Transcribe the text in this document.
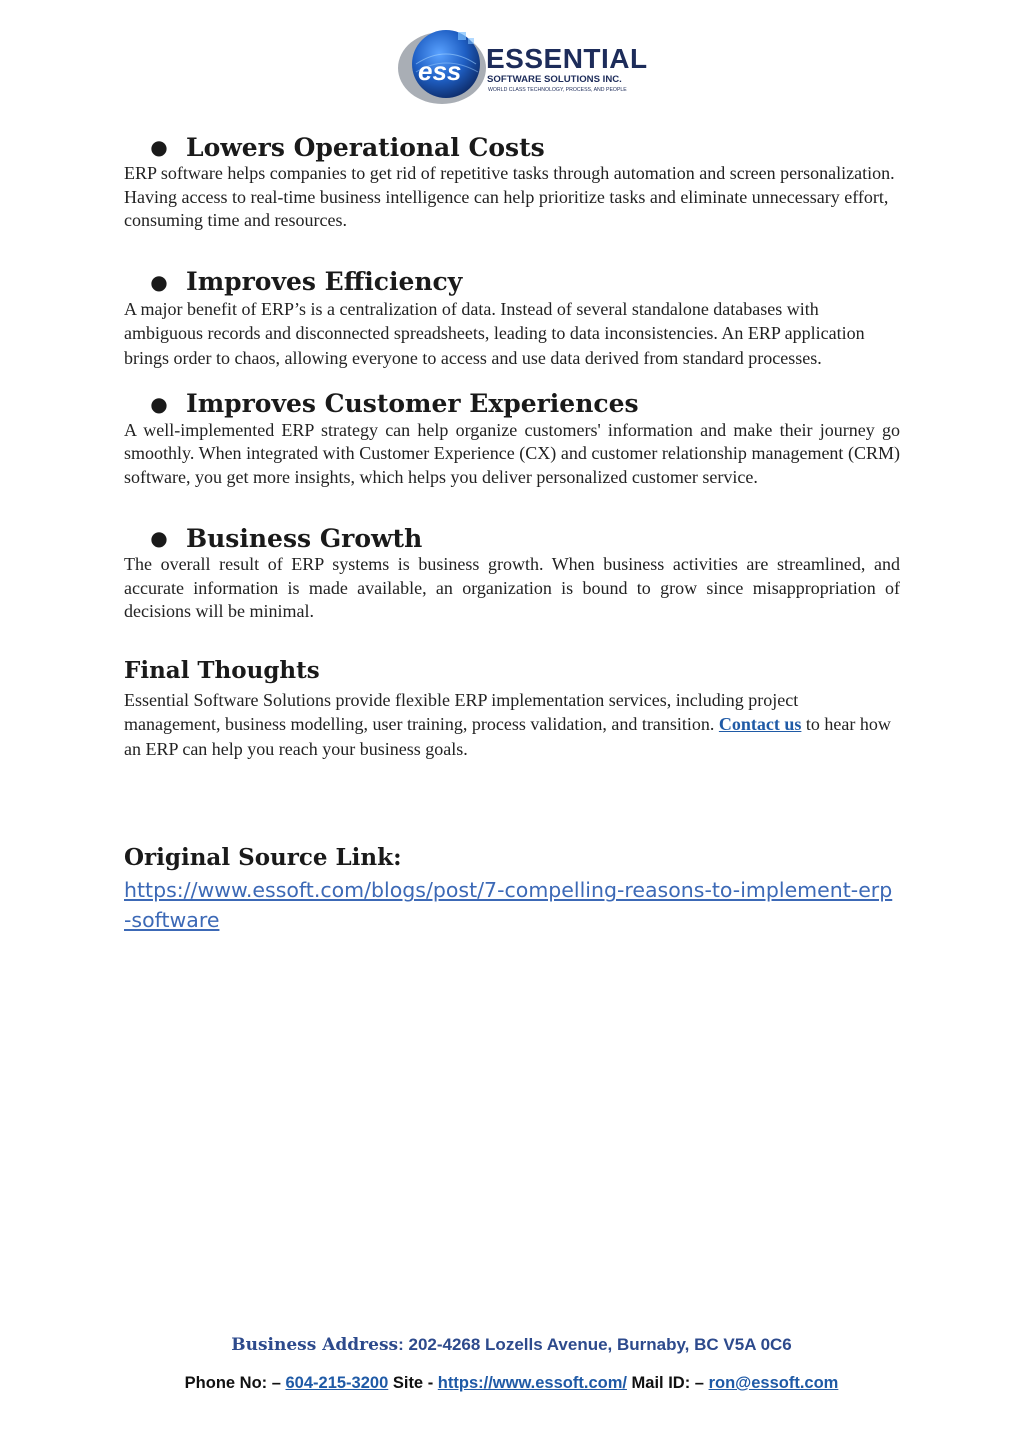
ess ESSENTIAL
SOFTWARE SOLUTIONS INC.
WORLD CLASS TECHNOLOGY, PROCESS, AND PEOPLE
● Lowers Operational Costs

ERP software helps companies to get rid of repetitive tasks through automation and screen personalization. Having access to real-time business intelligence can help prioritize tasks and eliminate unnecessary effort, consuming time and resources.

● Improves Efficiency

A major benefit of ERP’s is a centralization of data. Instead of several standalone databases with ambiguous records and disconnected spreadsheets, leading to data inconsistencies. An ERP application brings order to chaos, allowing everyone to access and use data derived from standard processes.

● Improves Customer Experiences

A well-implemented ERP strategy can help organize customers' information and make their journey go smoothly. When integrated with Customer Experience (CX) and customer relationship management (CRM) software, you get more insights, which helps you deliver personalized customer service.

● Business Growth

The overall result of ERP systems is business growth. When business activities are streamlined, and accurate information is made available, an organization is bound to grow since misappropriation of decisions will be minimal.

Final Thoughts

Essential Software Solutions provide flexible ERP implementation services, including project management, business modelling, user training, process validation, and transition. Contact us to hear how an ERP can help you reach your business goals.

Original Source Link:
https://www.essoft.com/blogs/post/7-compelling-reasons-to-implement-erp-software
Business Address: 202-4268 Lozells Avenue, Burnaby, BC V5A 0C6
Phone No: – 604-215-3200 Site - https://www.essoft.com/ Mail ID: – ron@essoft.com
